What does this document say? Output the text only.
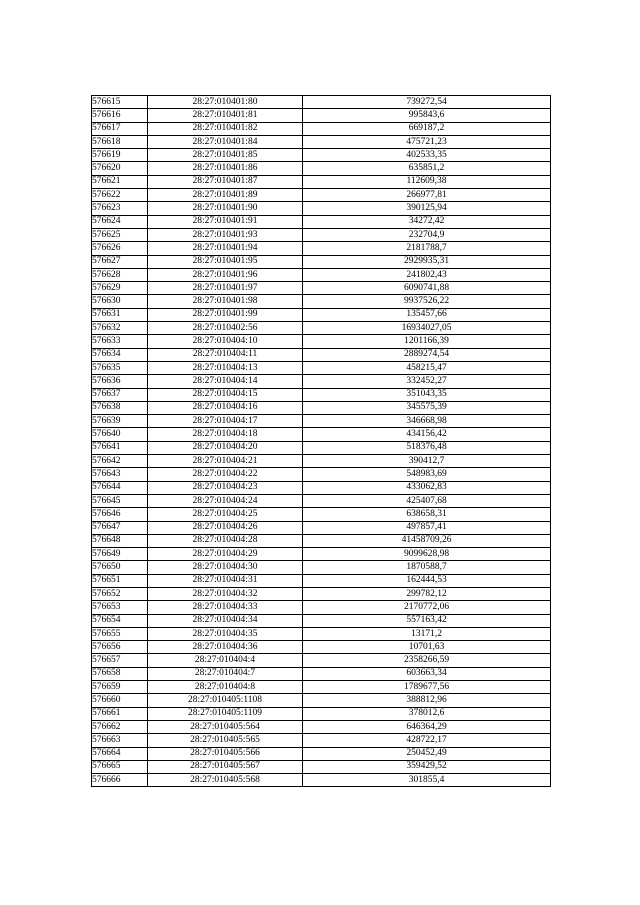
576615	28:27:010401:80	739272,54
576616	28:27:010401:81	995843,6
576617	28:27:010401:82	669187,2
576618	28:27:010401:84	475721,23
576619	28:27:010401:85	402533,35
576620	28:27:010401:86	635851,2
576621	28:27:010401:87	112609,38
576622	28:27:010401:89	266977,81
576623	28:27:010401:90	390125,94
576624	28:27:010401:91	34272,42
576625	28:27:010401:93	232704,9
576626	28:27:010401:94	2181788,7
576627	28:27:010401:95	2929935,31
576628	28:27:010401:96	241802,43
576629	28:27:010401:97	6090741,88
576630	28:27:010401:98	9937526,22
576631	28:27:010401:99	135457,66
576632	28:27:010402:56	16934027,05
576633	28:27:010404:10	1201166,39
576634	28:27:010404:11	2889274,54
576635	28:27:010404:13	458215,47
576636	28:27:010404:14	332452,27
576637	28:27:010404:15	351043,35
576638	28:27:010404:16	345575,39
576639	28:27:010404:17	346668,98
576640	28:27:010404:18	434156,42
576641	28:27:010404:20	518376,48
576642	28:27:010404:21	390412,7
576643	28:27:010404:22	548983,69
576644	28:27:010404:23	433062,83
576645	28:27:010404:24	425407,68
576646	28:27:010404:25	638658,31
576647	28:27:010404:26	497857,41
576648	28:27:010404:28	41458709,26
576649	28:27:010404:29	9099628,98
576650	28:27:010404:30	1870588,7
576651	28:27:010404:31	162444,53
576652	28:27:010404:32	299782,12
576653	28:27:010404:33	2170772,06
576654	28:27:010404:34	557163,42
576655	28:27:010404:35	13171,2
576656	28:27:010404:36	10701,63
576657	28:27:010404:4	2358266,59
576658	28:27:010404:7	603663,34
576659	28:27:010404:8	1789677,56
576660	28:27:010405:1108	388812,96
576661	28:27:010405:1109	378012,6
576662	28:27:010405:564	646364,29
576663	28:27:010405:565	428722,17
576664	28:27:010405:566	250452,49
576665	28:27:010405:567	359429,52
576666	28:27:010405:568	301855,4
